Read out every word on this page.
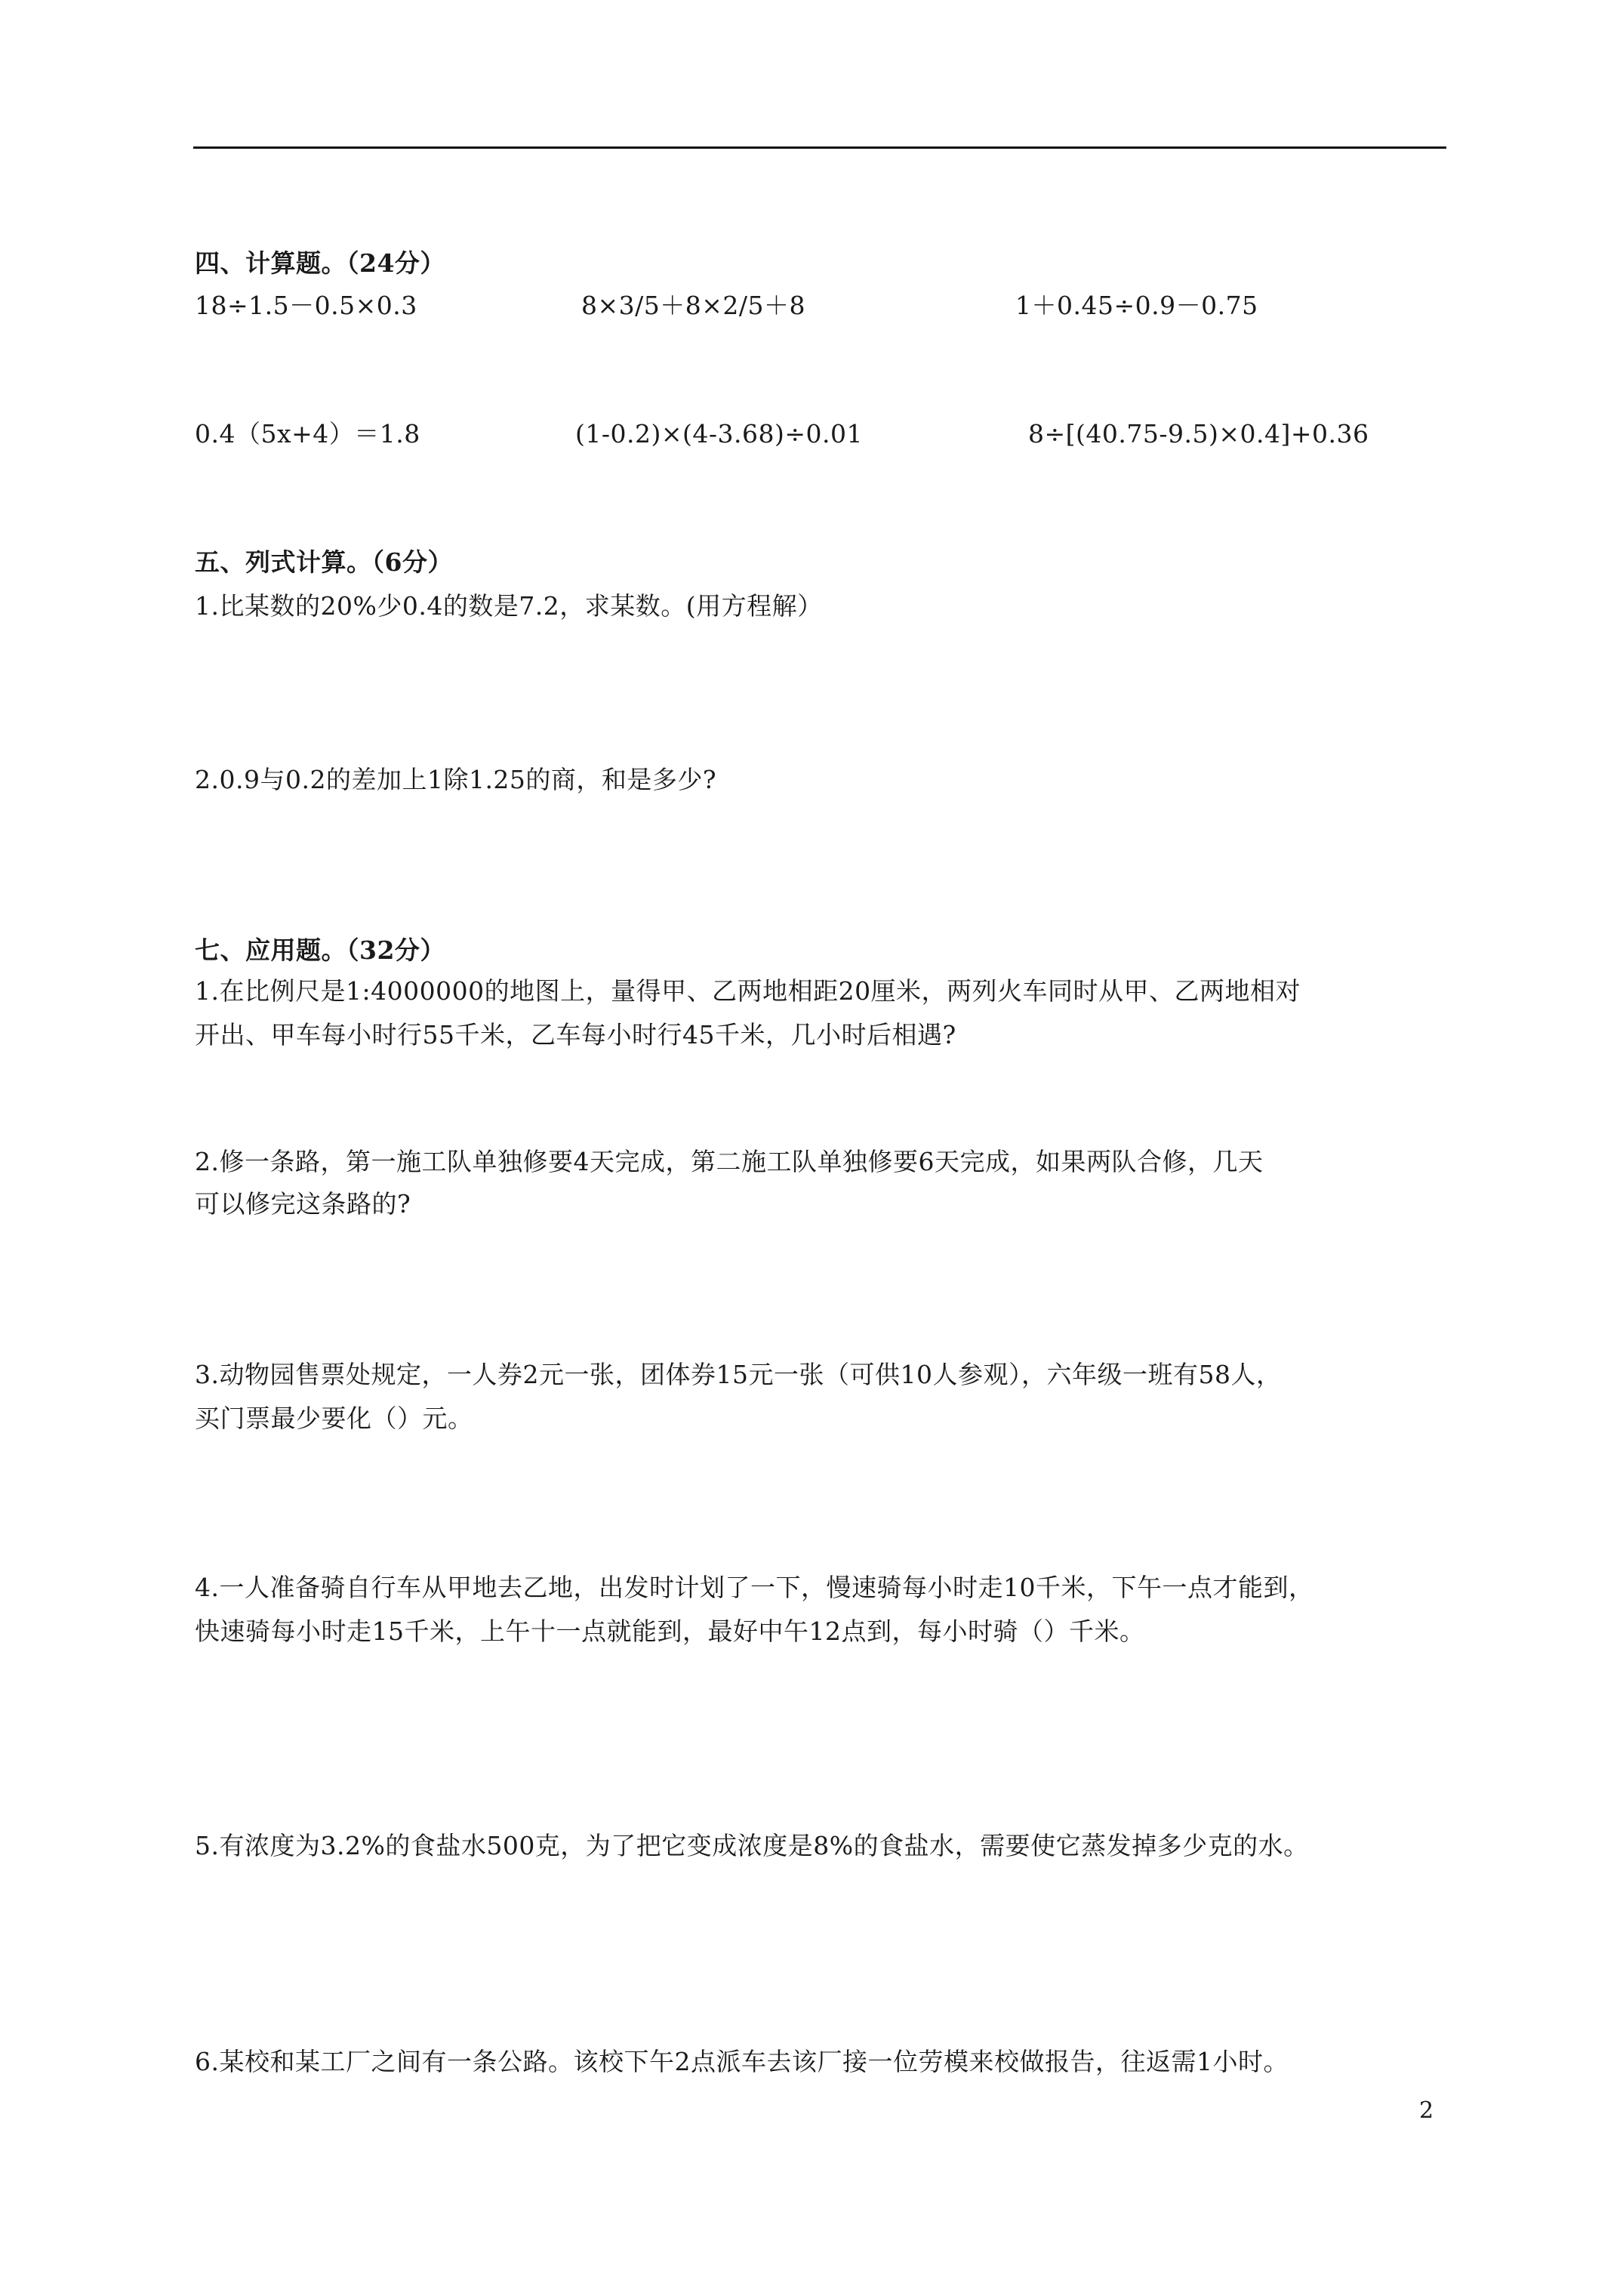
四、计算题。（24分）
18÷1.5－0.5×0.3	8×3/5＋8×2/5＋8	1＋0.45÷0.9－0.75
0.4（5x+4）＝1.8	(1-0.2)×(4-3.68)÷0.01	8÷[(40.75-9.5)×0.4]+0.36
五、列式计算。（6分）
1.比某数的20%少0.4的数是7.2，求某数。(用方程解）
2.0.9与0.2的差加上1除1.25的商，和是多少?
七、应用题。（32分）
1.在比例尺是1:4000000的地图上，量得甲、乙两地相距20厘米，两列火车同时从甲、乙两地相对
开出、甲车每小时行55千米，乙车每小时行45千米，几小时后相遇?
2.修一条路，第一施工队单独修要4天完成，第二施工队单独修要6天完成，如果两队合修，几天
可以修完这条路的?
3.动物园售票处规定，一人券2元一张，团体券15元一张（可供10人参观），六年级一班有58人，
买门票最少要化（）元。
4.一人准备骑自行车从甲地去乙地，出发时计划了一下，慢速骑每小时走10千米，下午一点才能到，
快速骑每小时走15千米，上午十一点就能到，最好中午12点到，每小时骑（）千米。
5.有浓度为3.2%的食盐水500克，为了把它变成浓度是8%的食盐水，需要使它蒸发掉多少克的水。
6.某校和某工厂之间有一条公路。该校下午2点派车去该厂接一位劳模来校做报告，往返需1小时。
2
